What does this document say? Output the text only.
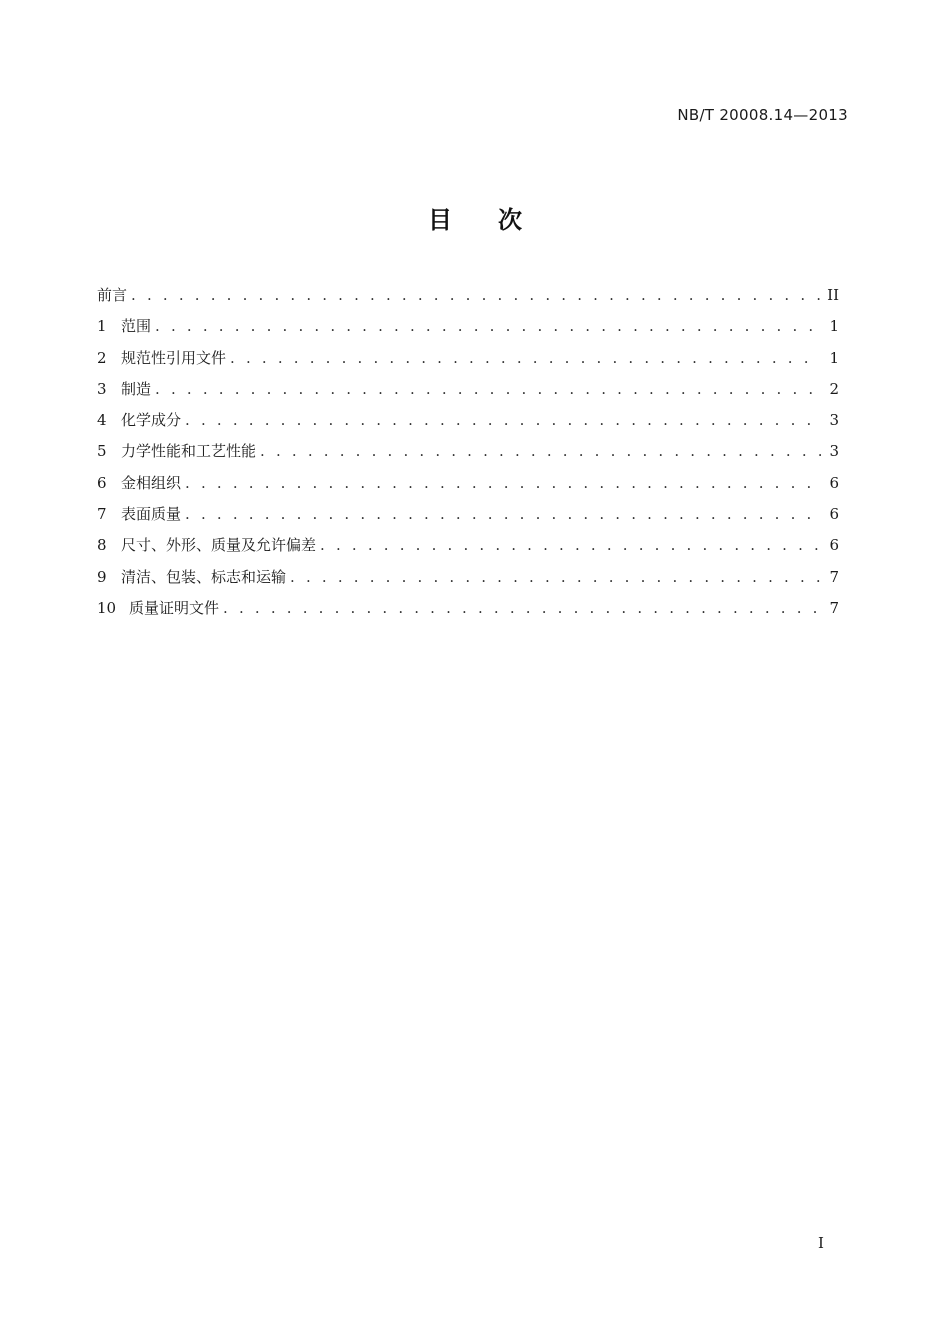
NB/T 20008.14—2013
目次
前言 . . .	II
1 范围 . . .	1
2 规范性引用文件 . . .	1
3 制造 . . .	2
4 化学成分 . . .	3
5 力学性能和工艺性能 . . .	3
6 金相组织 . . .	6
7 表面质量 . . .	6
8 尺寸、外形、质量及允许偏差 . . .	6
9 清洁、包装、标志和运输 . . .	7
10 质量证明文件 . . .	7
I
